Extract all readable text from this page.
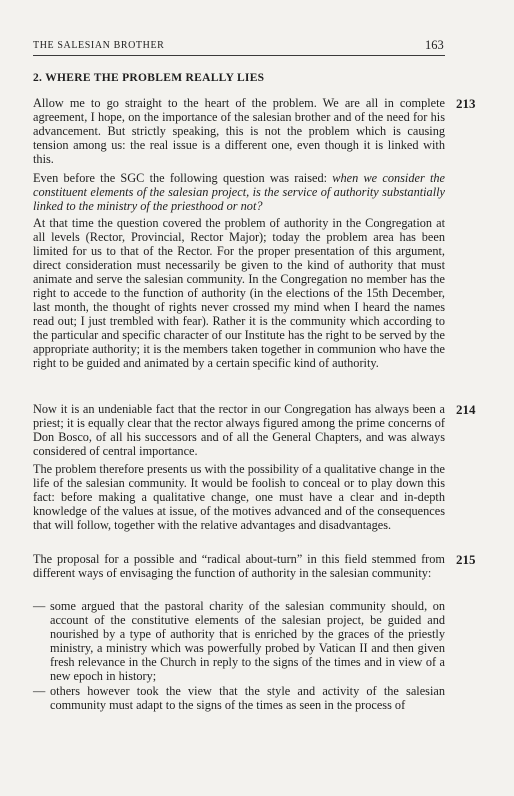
THE SALESIAN BROTHER	163
2. WHERE THE PROBLEM REALLY LIES

Allow me to go straight to the heart of the problem. We are all in complete agreement, I hope, on the importance of the salesian brother and of the need for his advancement. But strictly speaking, this is not the problem which is causing tension among us: the real issue is a different one, even though it is linked with this.

213

Even before the SGC the following question was raised: when we consider the constituent elements of the salesian project, is the service of authority substantially linked to the ministry of the priesthood or not?

At that time the question covered the problem of authority in the Congregation at all levels (Rector, Provincial, Rector Major); today the problem area has been limited for us to that of the Rector. For the proper presentation of this argument, direct consideration must necessarily be given to the kind of authority that must animate and serve the salesian community. In the Congregation no member has the right to accede to the function of authority (in the elections of the 15th December, last month, the thought of rights never crossed my mind when I heard the names read out; I just trembled with fear). Rather it is the community which according to the particular and specific character of our Institute has the right to be served by the appropriate authority; it is the members taken together in communion who have the right to be guided and animated by a certain specific kind of authority.

Now it is an undeniable fact that the rector in our Congregation has always been a priest; it is equally clear that the rector always figured among the prime concerns of Don Bosco, of all his successors and of all the General Chapters, and was always considered of central importance.

214

The problem therefore presents us with the possibility of a qualitative change in the life of the salesian community. It would be foolish to conceal or to play down this fact: before making a qualitative change, one must have a clear and in-depth knowledge of the values at issue, of the motives advanced and of the consequences that will follow, together with the relative advantages and disadvantages.

The proposal for a possible and “radical about-turn” in this field stemmed from different ways of envisaging the function of authority in the salesian community:

215
— some argued that the pastoral charity of the salesian community should, on account of the constitutive elements of the salesian project, be guided and nourished by a type of authority that is enriched by the graces of the priestly ministry, a ministry which was powerfully probed by Vatican II and then given fresh relevance in the Church in reply to the signs of the times and in view of a new epoch in history;
— others however took the view that the style and activity of the salesian community must adapt to the signs of the times as seen in the process of
